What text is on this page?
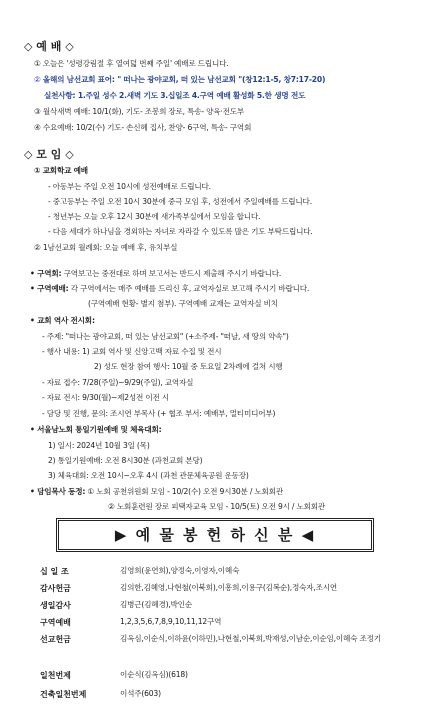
◇ 예 배 ◇
① 오늘은 '성령강림절 후 열여덟 번째 주일' 예배로 드립니다.
② 올해의 남선교회 표어: " 떠나는 광야교회, 떠 있는 남선교회 "(창12:1-5, 창7:17-20)
실천사항: 1.주일 성수 2.새벽 기도 3.십일조 4.구역 예배 활성화 5.한 생명 전도
③ 월삭새벽 예배: 10/1(화), 기도- 조봉희 장로, 특송- 양육·전도부
④ 수요예배: 10/2(수) 기도- 손신혜 집사, 찬양- 6구역, 특송- 구역회
◇ 모 임 ◇
① 교회학교 예배
- 아동부는 주일 오전 10시에 성전예배로 드립니다.
- 중고등부는 주일 오전 10시 30분에 중극 모임 후, 성전에서 주일예배를 드립니다.
- 청년부는 오늘 오후 12시 30분에 새가족부실에서 모임을 합니다.
- 다음 세대가 하나님을 경외하는 자녀로 자라갈 수 있도록 많은 기도 부탁드립니다.
② 1남선교회 월례회: 오늘 예배 후, 유치부실
• 구역회: 구역보고는 중전대로 하며 보고서는 반드시 제출해 주시기 바랍니다.
• 구역예배: 각 구역에서는 매주 예배를 드리신 후, 교역자실로 보고해 주시기 바랍니다.
(구역예배 현황- 별지 첨부). 구역예배 교재는 교역자실 비치
• 교회 역사 전시회:
- 주제: "떠나는 광야교회, 떠 있는 남선교회" (+소주제- "떠날, 새 땅의 약속")
- 행사 내용: 1) 교회 역사 및 신앙고백 자료 수집 및 전시
2) 성도 현장 참여 행사: 10월 중 토요일 2차례에 걸쳐 시행
- 자료 접수: 7/28(주일)~9/29(주일), 교역자실
- 자료 전시: 9/30(월)~제2성전 이전 시
- 담당 및 진행, 문의: 조시연 부목사 (+ 협조 부서: 예배부, 멀티미디어부)
• 서울남노회 통일기원예배 및 체육대회:
1) 일시: 2024년 10월 3일 (목)
2) 통일기원예배: 오전 8시30분 (과천교회 본당)
3) 체육대회: 오전 10시~오후 4시 (과천 관문체육공원 운동장)
• 담임목사 동정: ① 노회 공천위원회 모임 - 10/2(수) 오전 9시30분 / 노회회관
② 노회훈련원 장로 피택자교육 모임 - 10/5(토) 오전 9시 / 노회회관
▶ 예 물 봉 헌 하 신 분 ◀
십 일 조	김영희(윤연희),양정숙,이영자,이혜숙
감사헌금	김의한,김혜영,나현철(이북희),이흥희,이용구(김복순),정숙자,조시연
생일감사	김병근(김혜경),박인순
구역예배	1,2,3,5,6,7,8,9,10,11,12구역
선교헌금	김옥심,이순식,이하윤(이하민),나현철,이북희,박재성,이남순,이순임,이혜숙 조정기
일천번제	이순식(김옥심)(618)
건축일천번제	이석주(603)
